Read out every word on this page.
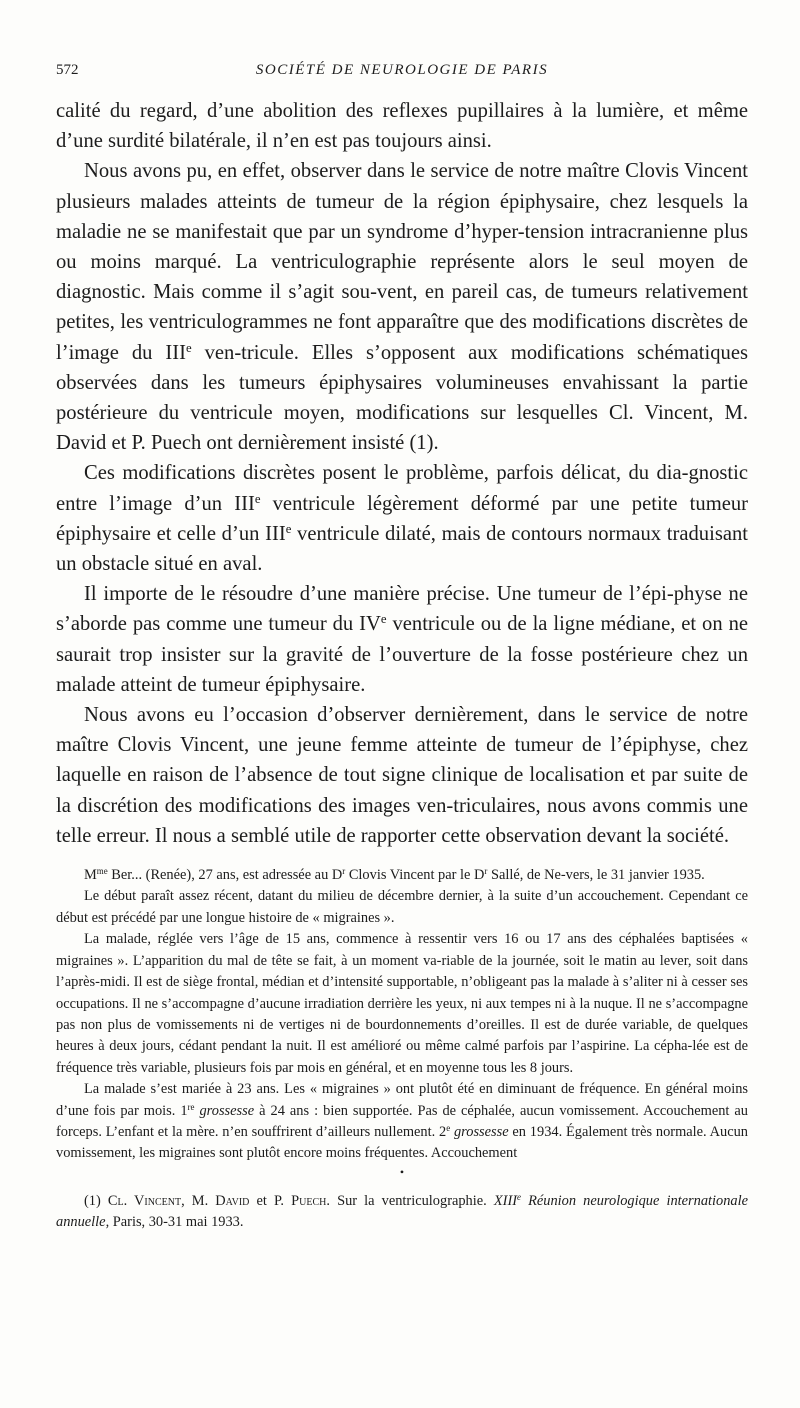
572	SOCIÉTÉ DE NEUROLOGIE DE PARIS

calité du regard, d’une abolition des reflexes pupillaires à la lumière, et même d’une surdité bilatérale, il n’en est pas toujours ainsi.

Nous avons pu, en effet, observer dans le service de notre maître Clovis Vincent plusieurs malades atteints de tumeur de la région épiphysaire, chez lesquels la maladie ne se manifestait que par un syndrome d’hyper-tension intracranienne plus ou moins marqué. La ventriculographie représente alors le seul moyen de diagnostic. Mais comme il s’agit sou-vent, en pareil cas, de tumeurs relativement petites, les ventriculogrammes ne font apparaître que des modifications discrètes de l’image du IIIe ven-tricule. Elles s’opposent aux modifications schématiques observées dans les tumeurs épiphysaires volumineuses envahissant la partie postérieure du ventricule moyen, modifications sur lesquelles Cl. Vincent, M. David et P. Puech ont dernièrement insisté (1).

Ces modifications discrètes posent le problème, parfois délicat, du dia-gnostic entre l’image d’un IIIe ventricule légèrement déformé par une petite tumeur épiphysaire et celle d’un IIIe ventricule dilaté, mais de contours normaux traduisant un obstacle situé en aval.

Il importe de le résoudre d’une manière précise. Une tumeur de l’épi-physe ne s’aborde pas comme une tumeur du IVe ventricule ou de la ligne médiane, et on ne saurait trop insister sur la gravité de l’ouverture de la fosse postérieure chez un malade atteint de tumeur épiphysaire.

Nous avons eu l’occasion d’observer dernièrement, dans le service de notre maître Clovis Vincent, une jeune femme atteinte de tumeur de l’épiphyse, chez laquelle en raison de l’absence de tout signe clinique de localisation et par suite de la discrétion des modifications des images ven-triculaires, nous avons commis une telle erreur. Il nous a semblé utile de rapporter cette observation devant la société.

$M^{me}$ Ber... (Renée), 27 ans, est adressée au $D^r$ Clovis Vincent par le $D^r$ Sallé, de Ne-vers, le 31 janvier 1935.

Le début paraît assez récent, datant du milieu de décembre dernier, à la suite d’un accouchement. Cependant ce début est précédé par une longue histoire de « migraines ».

La malade, réglée vers l’âge de 15 ans, commence à ressentir vers 16 ou 17 ans des céphalées baptisées « migraines ». L’apparition du mal de tête se fait, à un moment va-riable de la journée, soit le matin au lever, soit dans l’après-midi. Il est de siège frontal, médian et d’intensité supportable, n’obligeant pas la malade à s’aliter ni à cesser ses occupations. Il ne s’accompagne d’aucune irradiation derrière les yeux, ni aux tempes ni à la nuque. Il ne s’accompagne pas non plus de vomissements ni de vertiges ni de bourdonnements d’oreilles. Il est de durée variable, de quelques heures à deux jours, cédant pendant la nuit. Il est amélioré ou même calmé parfois par l’aspirine. La cépha-lée est de fréquence très variable, plusieurs fois par mois en général, et en moyenne tous les 8 jours.

La malade s’est mariée à 23 ans. Les « migraines » ont plutôt été en diminuant de fréquence. En général moins d’une fois par mois. 1re grossesse à 24 ans : bien supportée. Pas de céphalée, aucun vomissement. Accouchement au forceps. L’enfant et la mère. n’en souffrirent d’ailleurs nullement. 2e grossesse en 1934. Également très normale. Aucun vomissement, les migraines sont plutôt encore moins fréquentes. Accouchement

•

(1) Cl. Vincent, M. David et P. Puech. Sur la ventriculographie. XIIIe Réunion neurologique internationale annuelle, Paris, 30-31 mai 1933.
